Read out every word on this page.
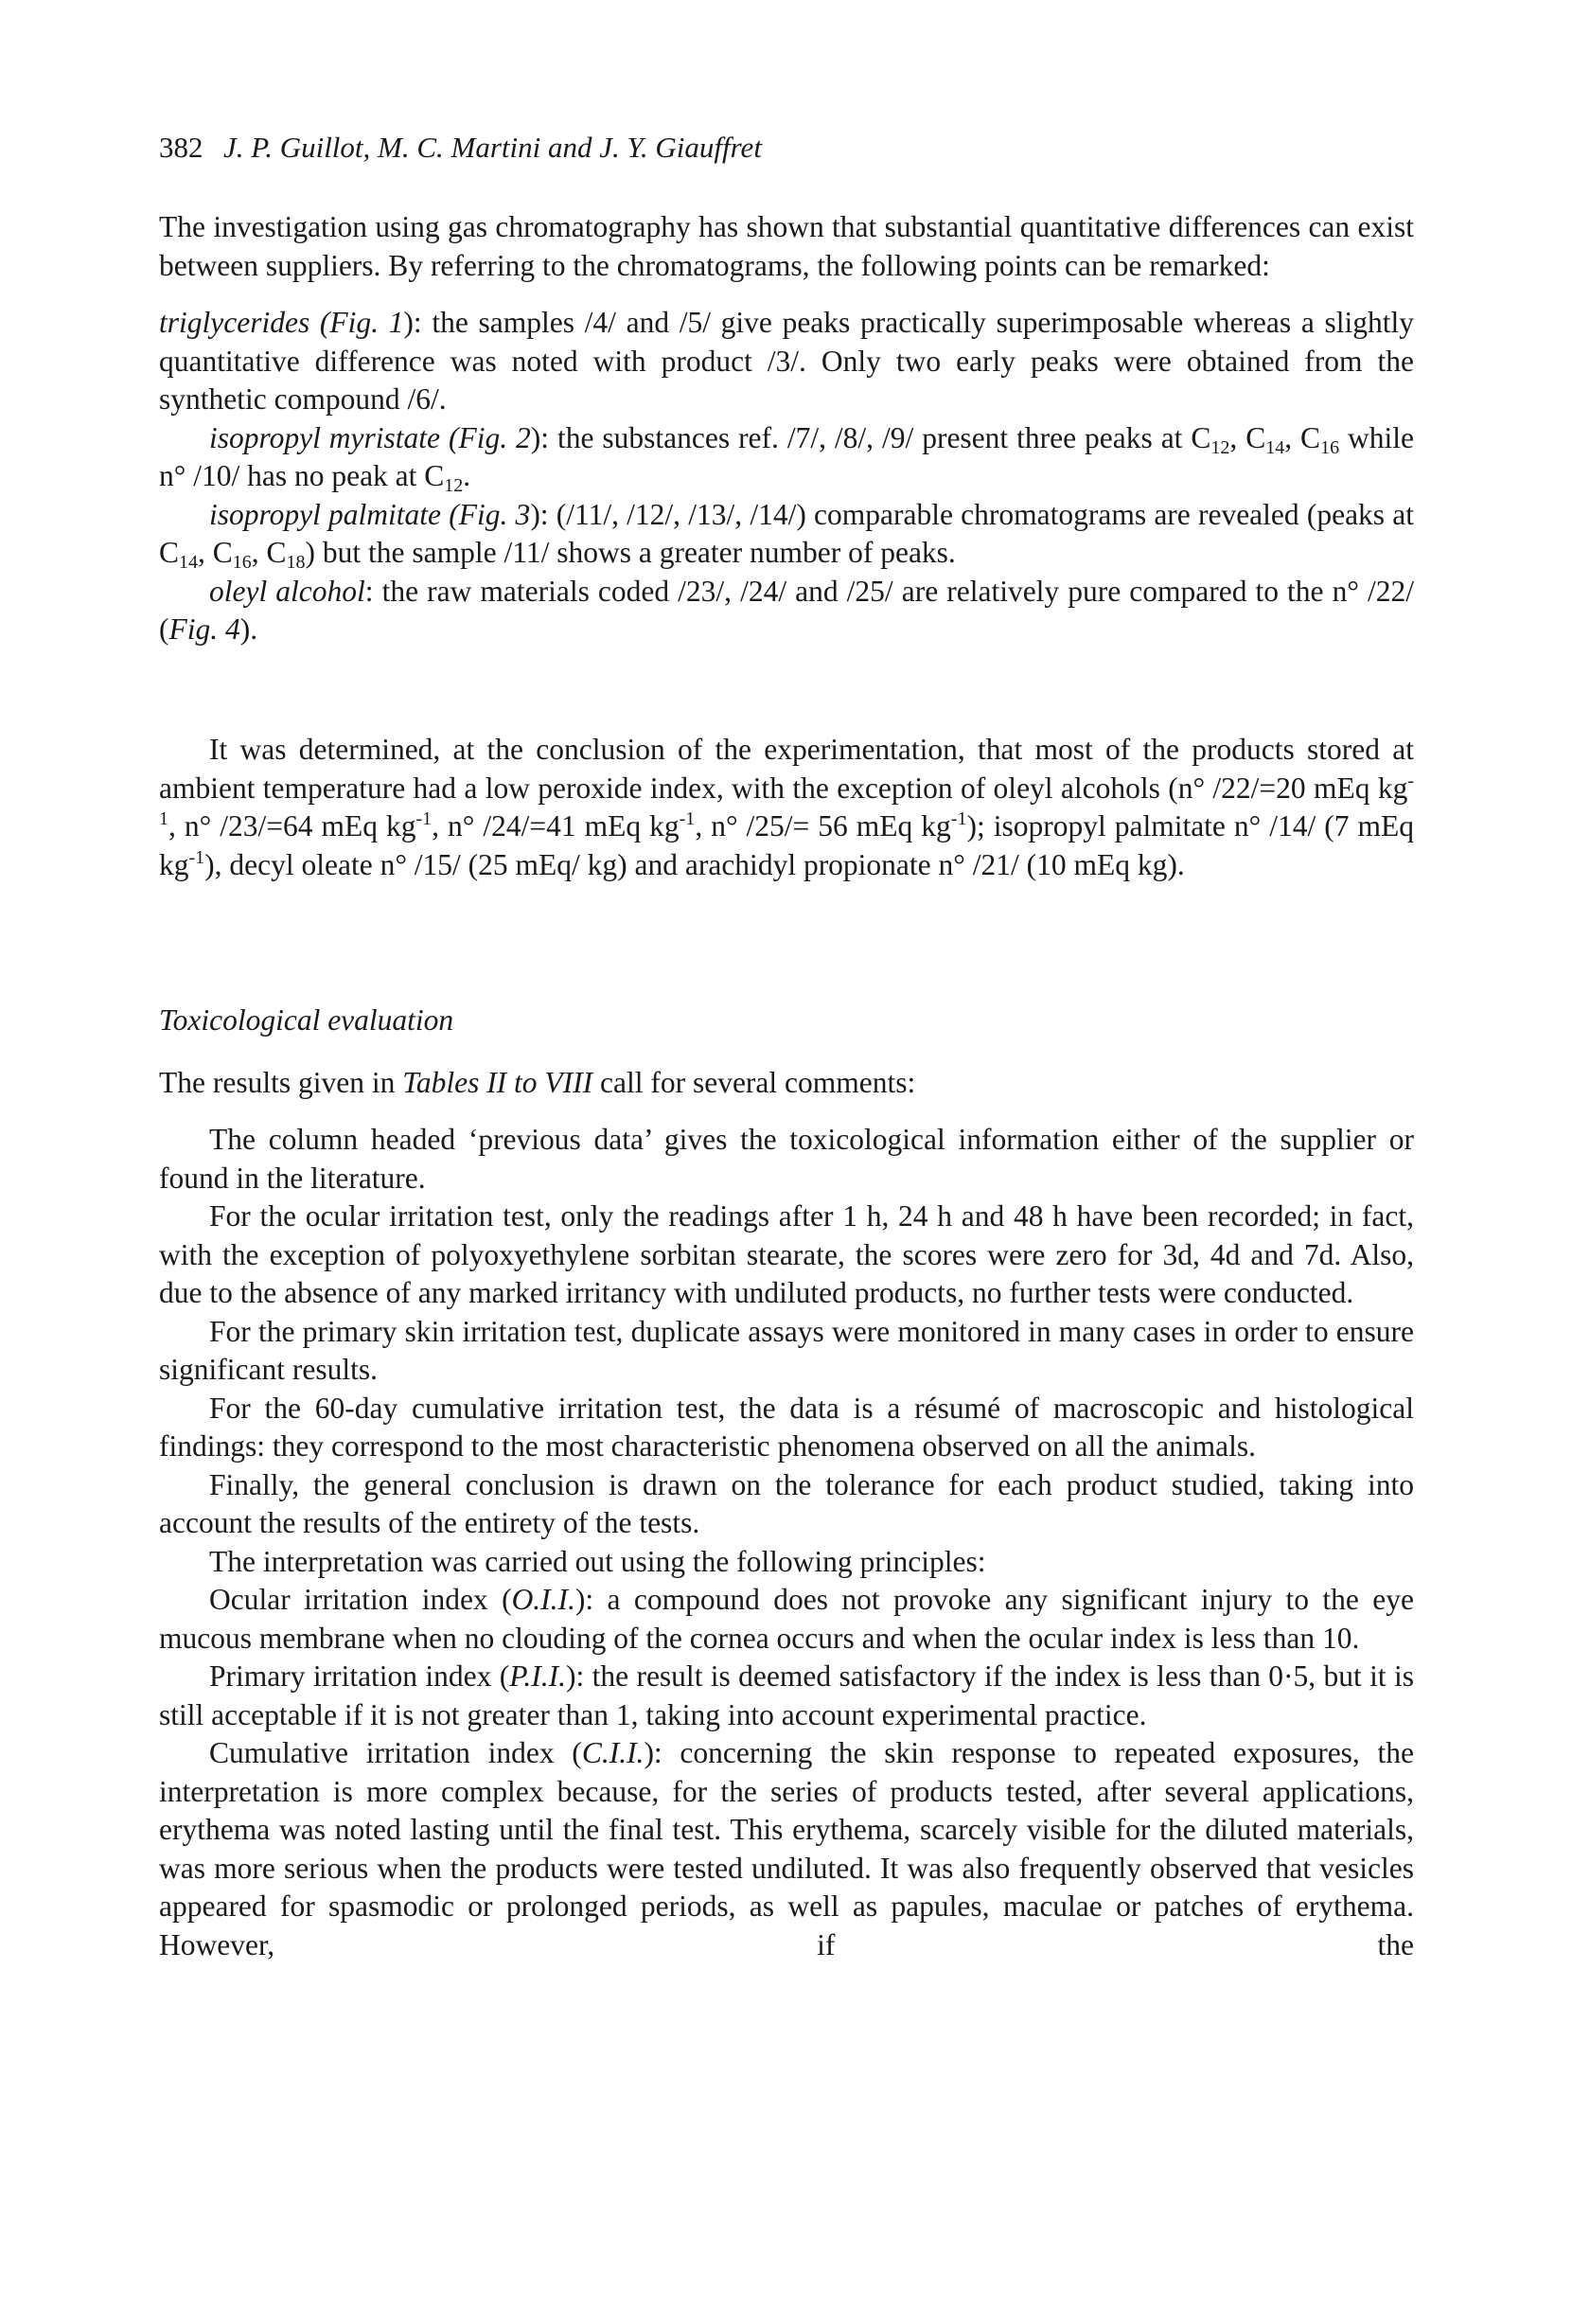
382 J. P. Guillot, M. C. Martini and J. Y. Giauffret

The investigation using gas chromatography has shown that substantial quantitative differences can exist between suppliers. By referring to the chromatograms, the following points can be remarked:

triglycerides (Fig. 1): the samples /4/ and /5/ give peaks practically superimposable whereas a slightly quantitative difference was noted with product /3/. Only two early peaks were obtained from the synthetic compound /6/.

isopropyl myristate (Fig. 2): the substances ref. /7/, /8/, /9/ present three peaks at $C_{12}$, $C_{14}$, $C_{16}$ while n° /10/ has no peak at $C_{12}$.

isopropyl palmitate (Fig. 3): (/11/, /12/, /13/, /14/) comparable chromatograms are revealed (peaks at $C_{14}$, $C_{16}$, $C_{18}$) but the sample /11/ shows a greater number of peaks.

oleyl alcohol: the raw materials coded /23/, /24/ and /25/ are relatively pure compared to the n° /22/ (Fig. 4).

It was determined, at the conclusion of the experimentation, that most of the products stored at ambient temperature had a low peroxide index, with the exception of oleyl alcohols (n° /22/=20 mEq $kg^{-1}$, n° /23/=64 mEq $kg^{-1}$, n° /24/=41 mEq $kg^{-1}$, n° /25/= 56 mEq $kg^{-1}$); isopropyl palmitate n° /14/ (7 mEq $kg^{-1}$), decyl oleate n° /15/ (25 mEq/ kg) and arachidyl propionate n° /21/ (10 mEq kg).

Toxicological evaluation

The results given in Tables II to VIII call for several comments:

The column headed ‘previous data’ gives the toxicological information either of the supplier or found in the literature.

For the ocular irritation test, only the readings after 1 h, 24 h and 48 h have been recorded; in fact, with the exception of polyoxyethylene sorbitan stearate, the scores were zero for 3d, 4d and 7d. Also, due to the absence of any marked irritancy with undiluted products, no further tests were conducted.

For the primary skin irritation test, duplicate assays were monitored in many cases in order to ensure significant results.

For the 60-day cumulative irritation test, the data is a résumé of macroscopic and histological findings: they correspond to the most characteristic phenomena observed on all the animals.

Finally, the general conclusion is drawn on the tolerance for each product studied, taking into account the results of the entirety of the tests.

The interpretation was carried out using the following principles:

Ocular irritation index (O.I.I.): a compound does not provoke any significant injury to the eye mucous membrane when no clouding of the cornea occurs and when the ocular index is less than 10.

Primary irritation index (P.I.I.): the result is deemed satisfactory if the index is less than 0·5, but it is still acceptable if it is not greater than 1, taking into account experimental practice.

Cumulative irritation index (C.I.I.): concerning the skin response to repeated exposures, the interpretation is more complex because, for the series of products tested, after several applications, erythema was noted lasting until the final test. This erythema, scarcely visible for the diluted materials, was more serious when the products were tested undiluted. It was also frequently observed that vesicles appeared for spasmodic or prolonged periods, as well as papules, maculae or patches of erythema. However, if the
